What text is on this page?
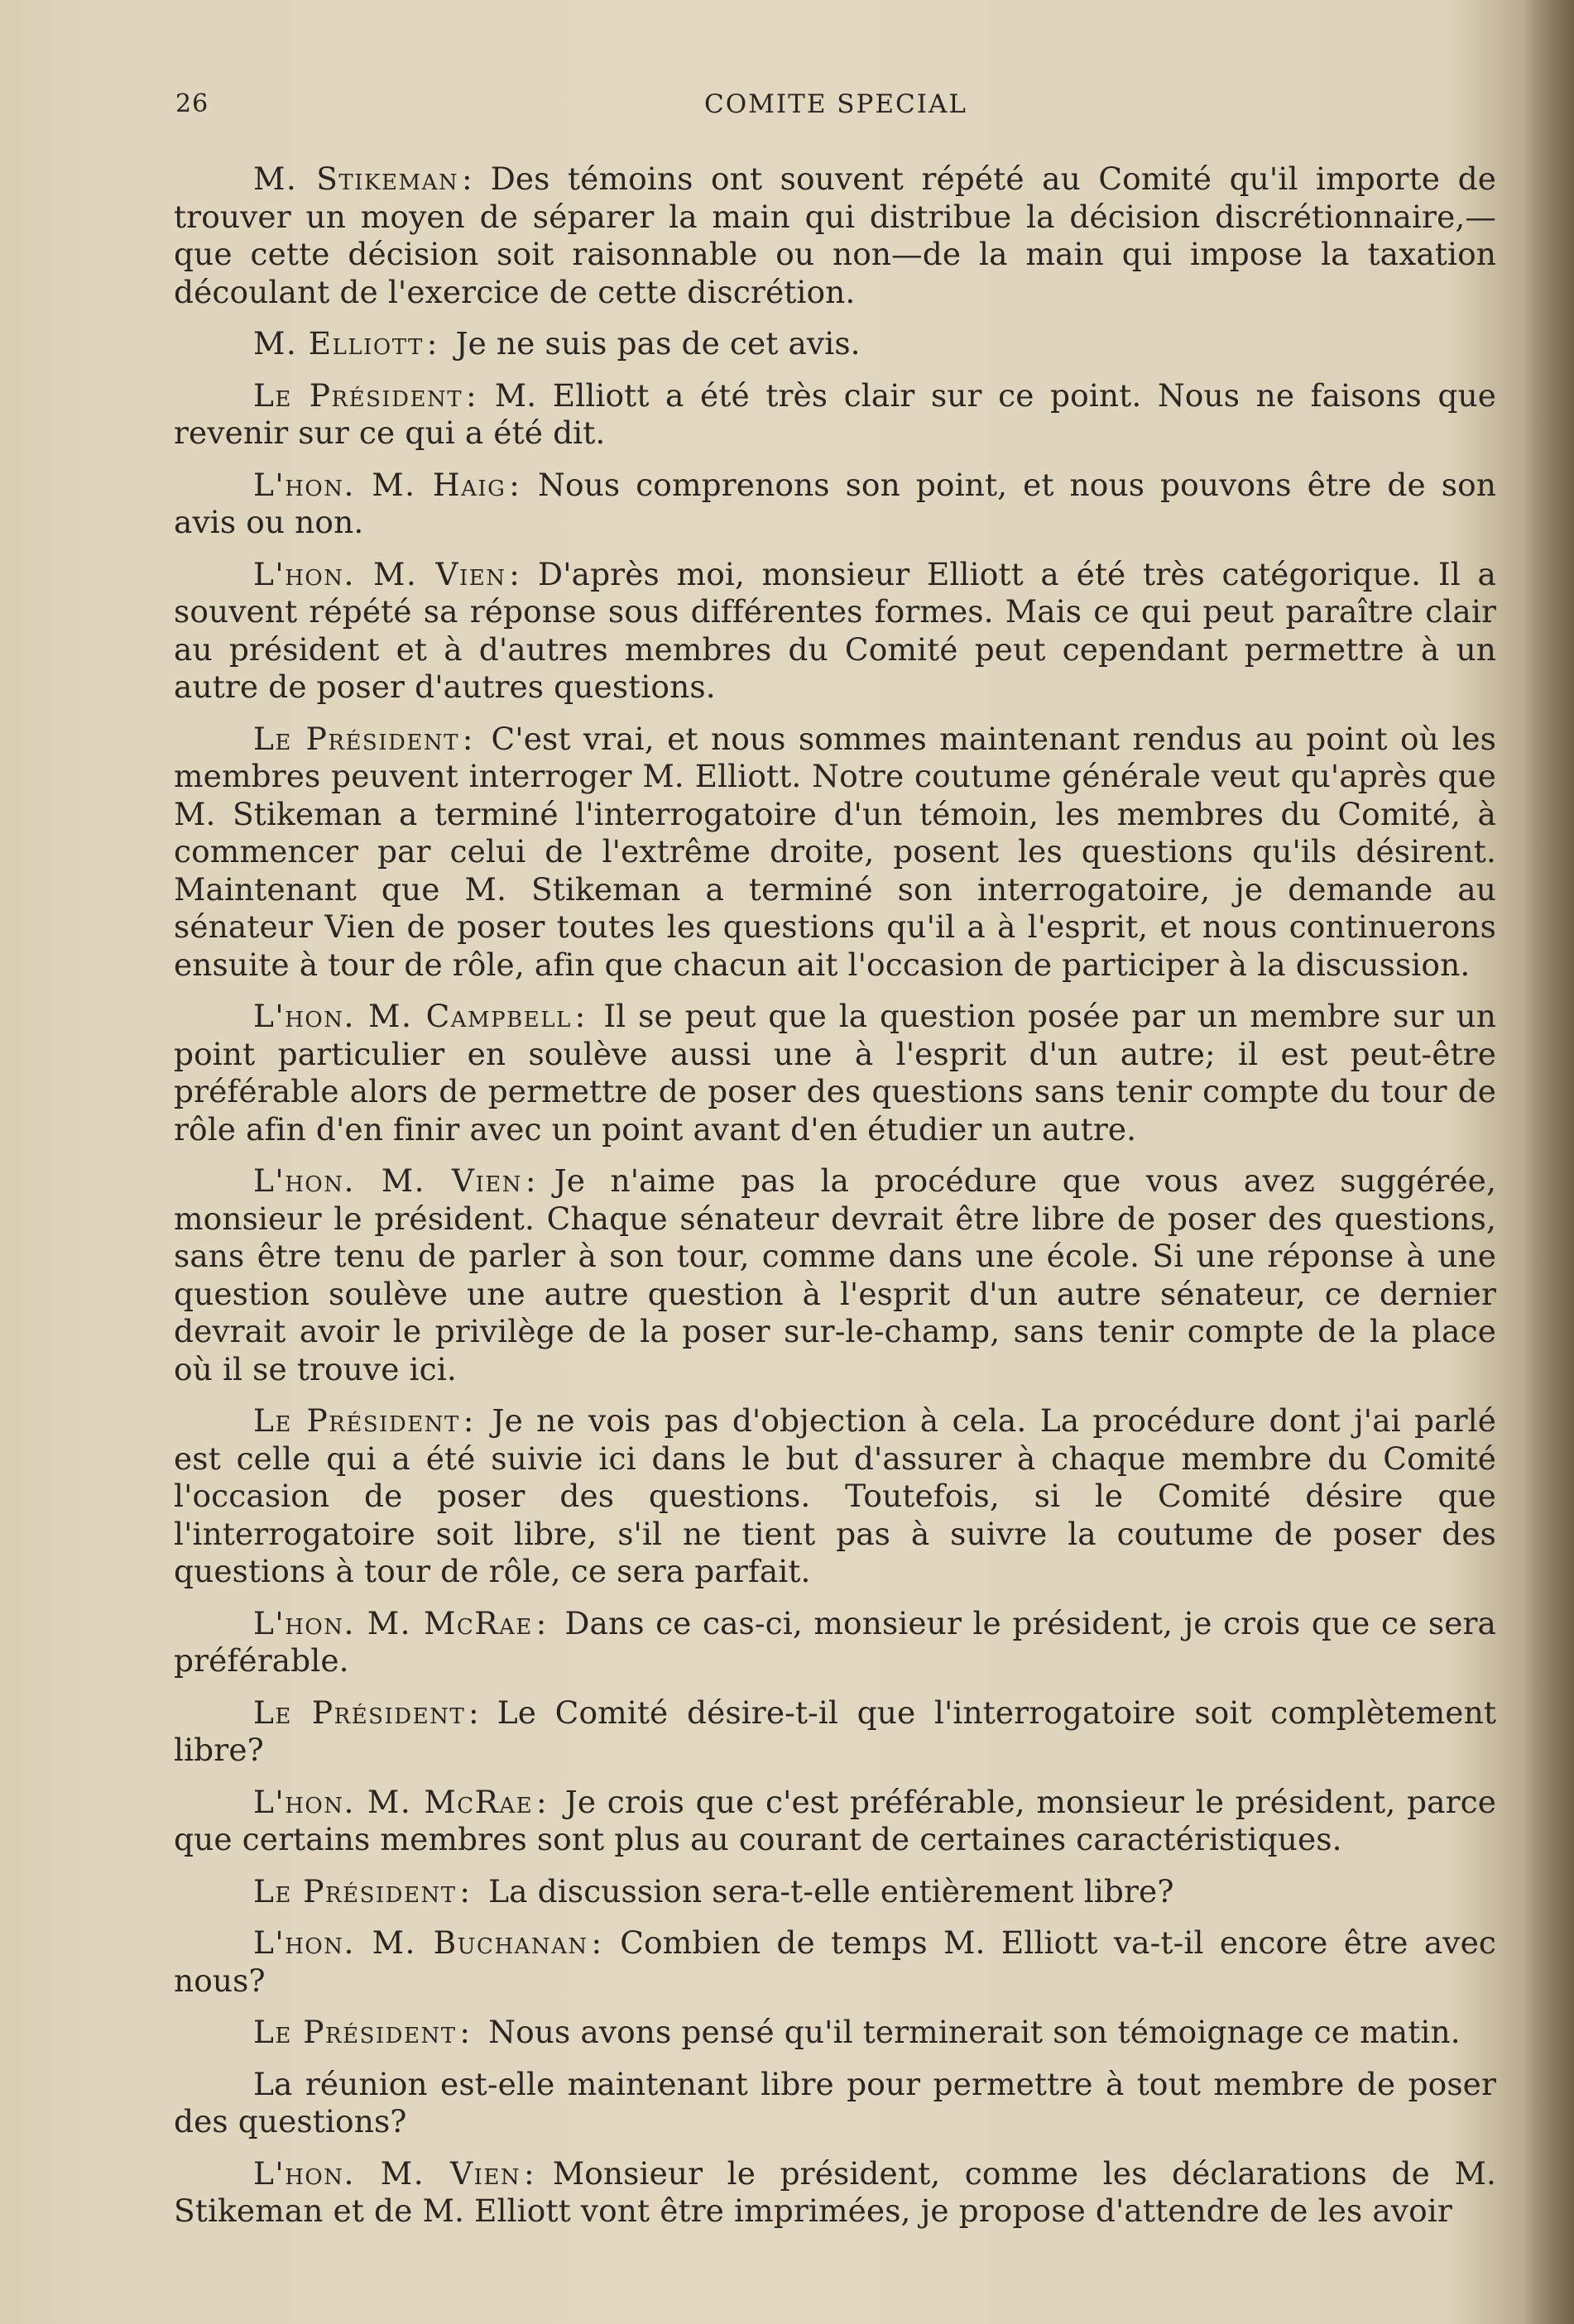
26	COMITE SPECIAL

M. Stikeman : Des témoins ont souvent répété au Comité qu'il importe de trouver un moyen de séparer la main qui distribue la décision discrétionnaire,— que cette décision soit raisonnable ou non—de la main qui impose la taxation découlant de l'exercice de cette discrétion.

M. Elliott : Je ne suis pas de cet avis.

Le Président : M. Elliott a été très clair sur ce point. Nous ne faisons que revenir sur ce qui a été dit.

L'hon. M. Haig : Nous comprenons son point, et nous pouvons être de son avis ou non.

L'hon. M. Vien : D'après moi, monsieur Elliott a été très catégorique. Il a souvent répété sa réponse sous différentes formes. Mais ce qui peut paraître clair au président et à d'autres membres du Comité peut cependant permettre à un autre de poser d'autres questions.

Le Président : C'est vrai, et nous sommes maintenant rendus au point où les membres peuvent interroger M. Elliott. Notre coutume générale veut qu'après que M. Stikeman a terminé l'interrogatoire d'un témoin, les membres du Comité, à commencer par celui de l'extrême droite, posent les questions qu'ils désirent. Maintenant que M. Stikeman a terminé son interrogatoire, je demande au sénateur Vien de poser toutes les questions qu'il a à l'esprit, et nous continuerons ensuite à tour de rôle, afin que chacun ait l'occasion de participer à la discussion.

L'hon. M. Campbell : Il se peut que la question posée par un membre sur un point particulier en soulève aussi une à l'esprit d'un autre; il est peut-être préférable alors de permettre de poser des questions sans tenir compte du tour de rôle afin d'en finir avec un point avant d'en étudier un autre.

L'hon. M. Vien : Je n'aime pas la procédure que vous avez suggérée, monsieur le président. Chaque sénateur devrait être libre de poser des questions, sans être tenu de parler à son tour, comme dans une école. Si une réponse à une question soulève une autre question à l'esprit d'un autre sénateur, ce dernier devrait avoir le privilège de la poser sur-le-champ, sans tenir compte de la place où il se trouve ici.

Le Président : Je ne vois pas d'objection à cela. La procédure dont j'ai parlé est celle qui a été suivie ici dans le but d'assurer à chaque membre du Comité l'occasion de poser des questions. Toutefois, si le Comité désire que l'interrogatoire soit libre, s'il ne tient pas à suivre la coutume de poser des questions à tour de rôle, ce sera parfait.

L'hon. M. McRae : Dans ce cas-ci, monsieur le président, je crois que ce sera préférable.

Le Président : Le Comité désire-t-il que l'interrogatoire soit complètement libre?

L'hon. M. McRae : Je crois que c'est préférable, monsieur le président, parce que certains membres sont plus au courant de certaines caractéristiques.

Le Président : La discussion sera-t-elle entièrement libre?

L'hon. M. Buchanan : Combien de temps M. Elliott va-t-il encore être avec nous?

Le Président : Nous avons pensé qu'il terminerait son témoignage ce matin.

La réunion est-elle maintenant libre pour permettre à tout membre de poser des questions?

L'hon. M. Vien : Monsieur le président, comme les déclarations de M. Stikeman et de M. Elliott vont être imprimées, je propose d'attendre de les avoir
